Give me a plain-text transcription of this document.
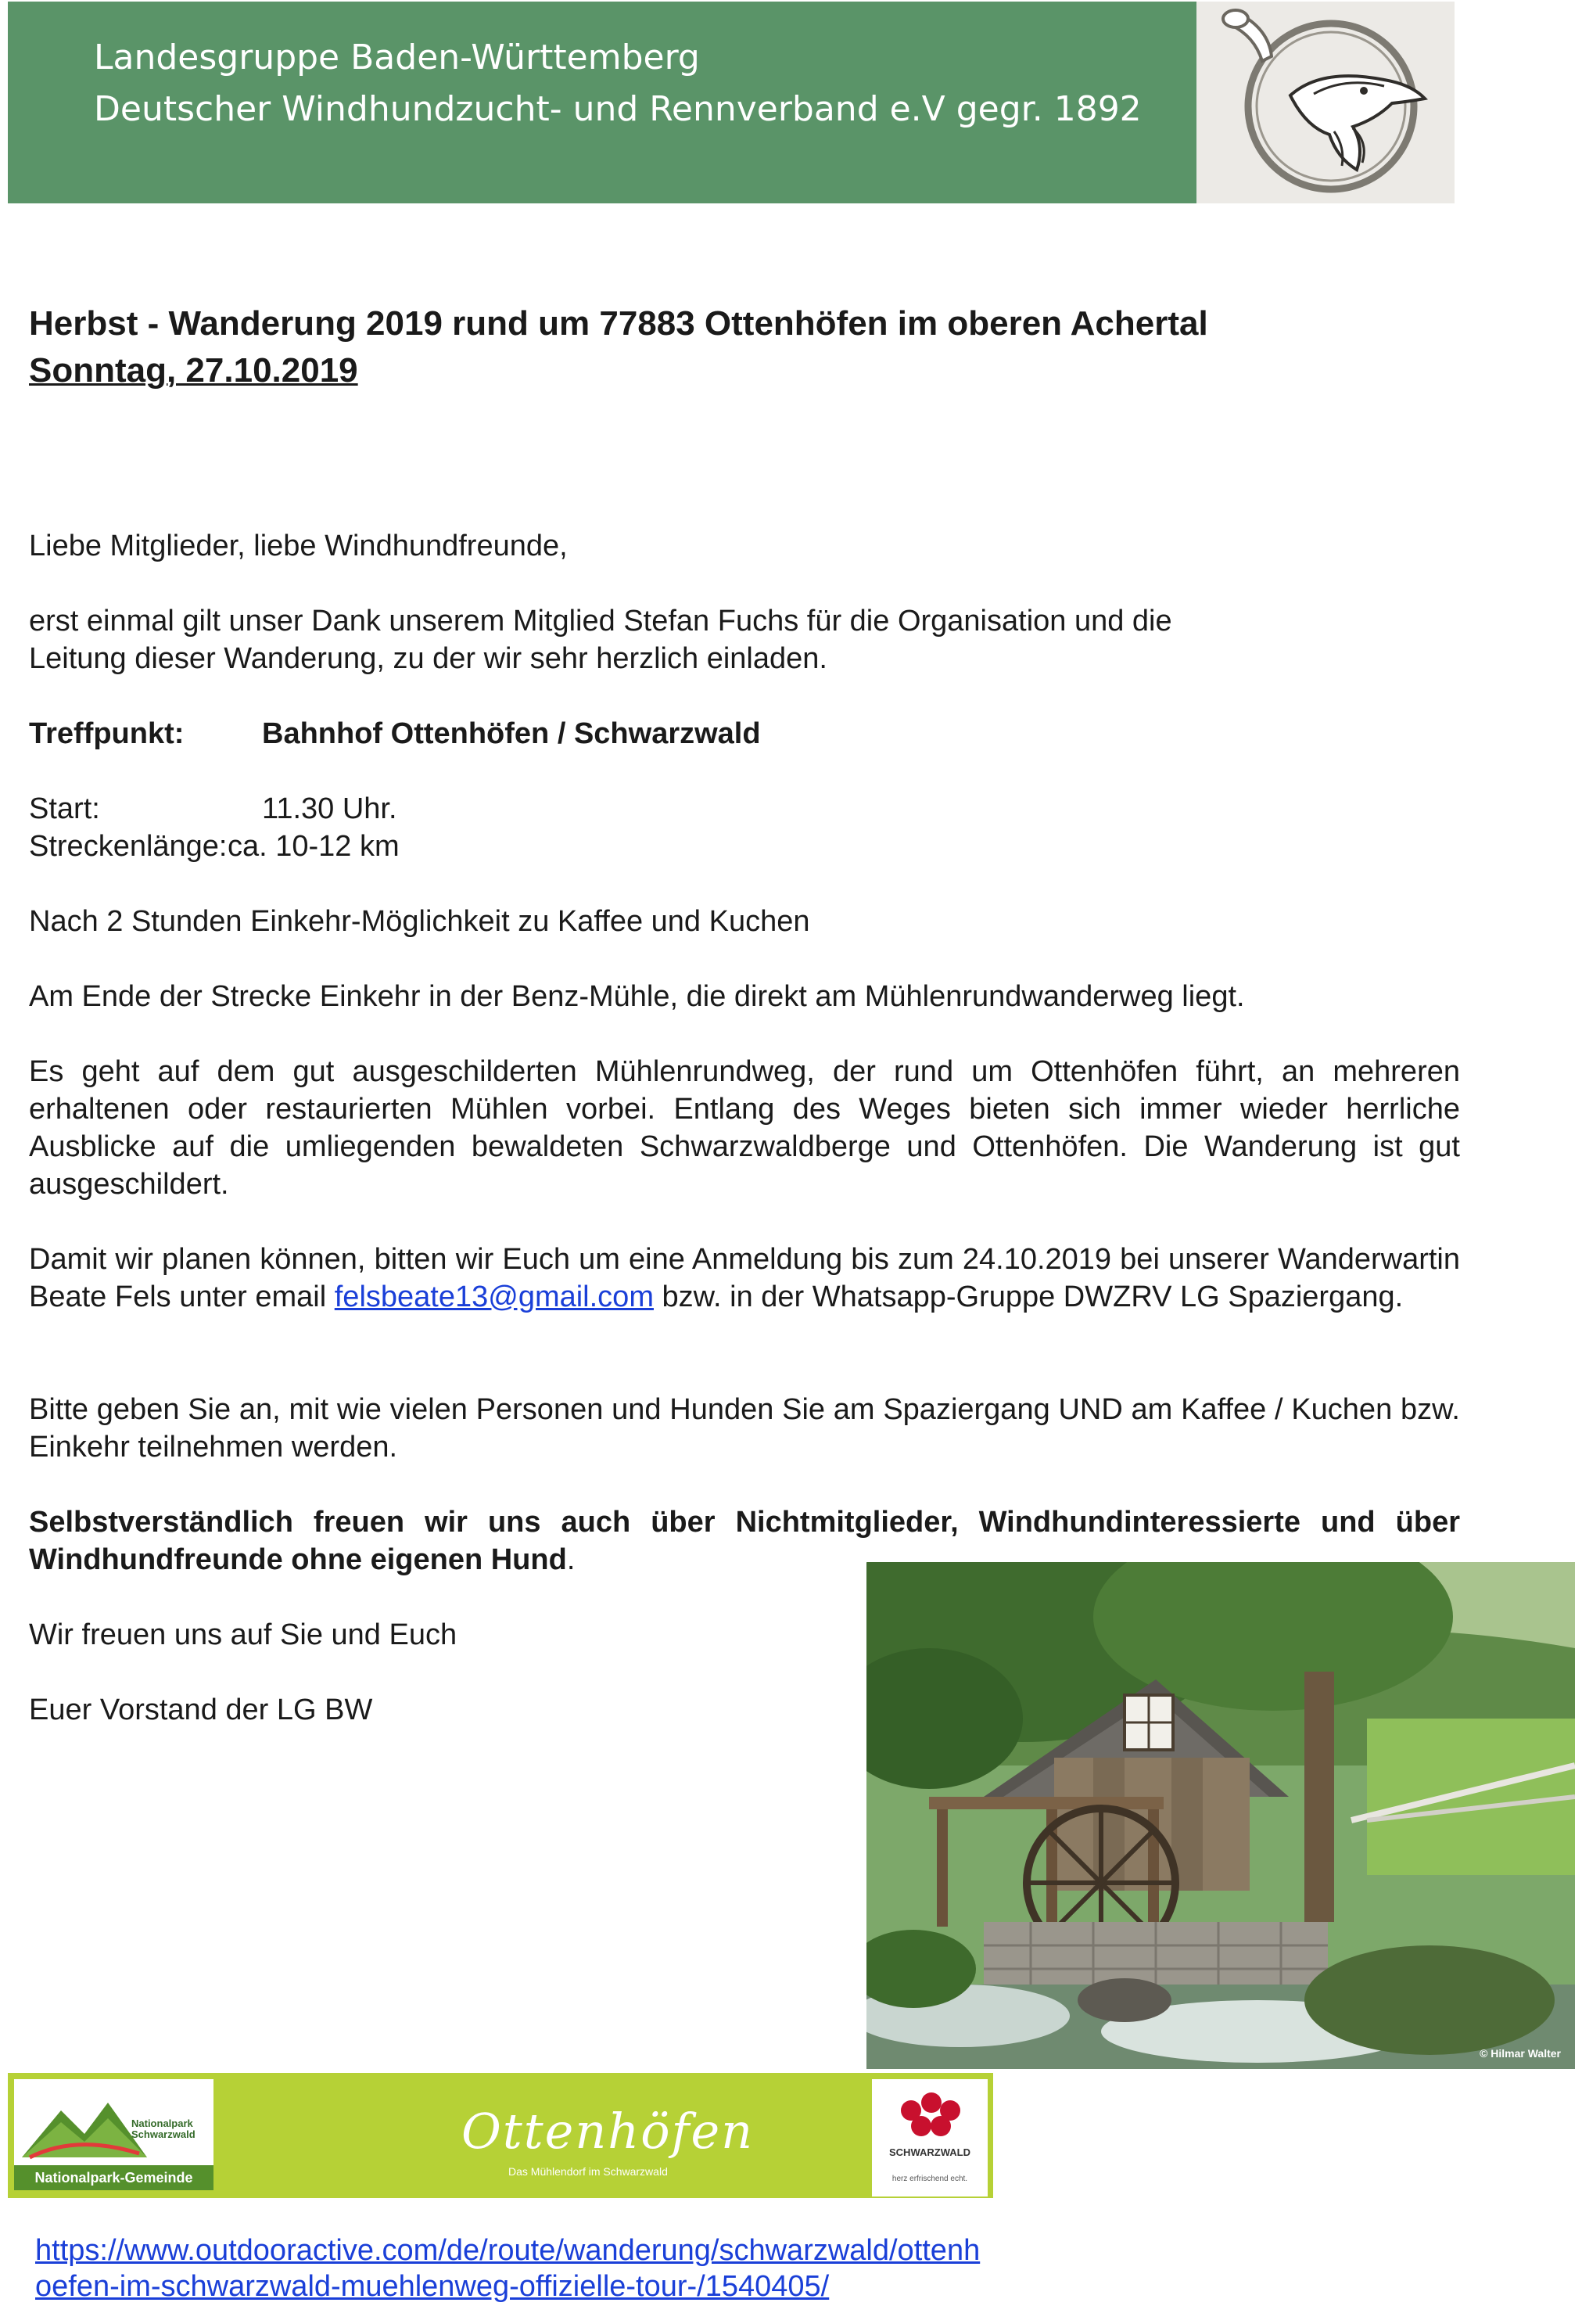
Landesgruppe Baden-Württemberg
Deutscher Windhundzucht- und Rennverband e.V gegr. 1892
Herbst - Wanderung 2019 rund um 77883 Ottenhöfen im oberen Achertal
Sonntag, 27.10.2019

Liebe Mitglieder, liebe Windhundfreunde,

erst einmal gilt unser Dank unserem Mitglied Stefan Fuchs für die Organisation und die

Leitung dieser Wanderung, zu der wir sehr herzlich einladen.

Treffpunkt:	Bahnhof Ottenhöfen / Schwarzwald
Start:	11.30 Uhr.
Streckenlänge: ca. 10-12 km

Nach 2 Stunden Einkehr-Möglichkeit zu Kaffee und Kuchen

Am Ende der Strecke Einkehr in der Benz-Mühle, die direkt am Mühlenrundwanderweg liegt.

Es geht auf dem gut ausgeschilderten Mühlenrundweg, der rund um Ottenhöfen führt, an mehreren erhaltenen oder restaurierten Mühlen vorbei. Entlang des Weges bieten sich immer wieder herrliche Ausblicke auf die umliegenden bewaldeten Schwarzwaldberge und Ottenhöfen. Die Wanderung ist gut ausgeschildert.

Damit wir planen können, bitten wir Euch um eine Anmeldung bis zum 24.10.2019 bei unserer Wanderwartin Beate Fels unter email felsbeate13@gmail.com bzw. in der Whatsapp-Gruppe DWZRV LG Spaziergang.

Bitte geben Sie an, mit wie vielen Personen und Hunden Sie am Spaziergang UND am Kaffee / Kuchen bzw. Einkehr teilnehmen werden.

Selbstverständlich freuen wir uns auch über Nichtmitglieder, Windhundinteressierte und über Windhundfreunde ohne eigenen Hund.

Wir freuen uns auf Sie und Euch

Euer Vorstand der LG BW

© Hilmar Walter
Nationalpark Schwarzwald
Nationalpark-Gemeinde
Ottenhöfen
Das Mühlendorf im Schwarzwald
SCHWARZWALD
herz erfrischend echt.
https://www.outdooractive.com/de/route/wanderung/schwarzwald/ottenh
oefen-im-schwarzwald-muehlenweg-offizielle-tour-/1540405/
